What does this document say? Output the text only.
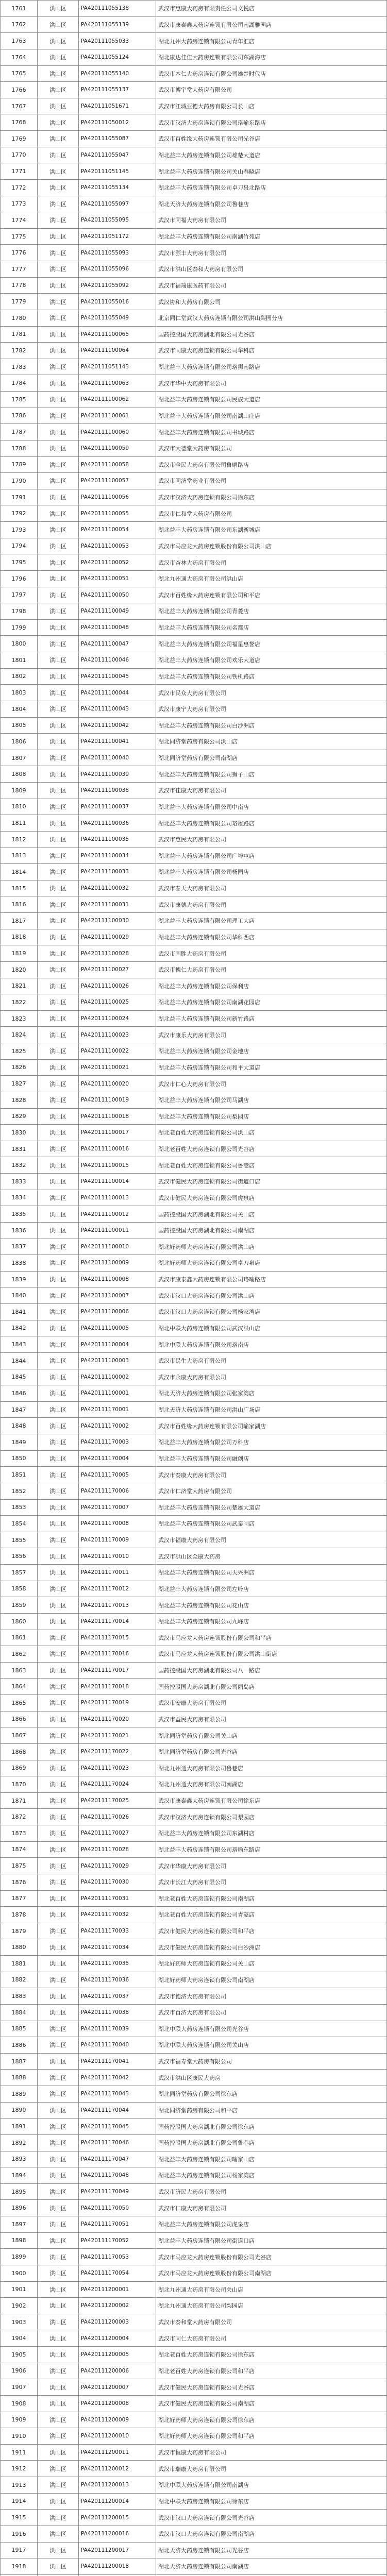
1761	洪山区	PA420111055138	武汉市惠康大药房有限责任公司文悦店
1762	洪山区	PA420111055139	武汉市康泰鑫大药房连锁有限公司南湖雅园店
1763	洪山区	PA420111055033	湖北九州大药房连锁有限公司青年汇店
1764	洪山区	PA420111055124	湖北康达佳佳大药房连锁有限公司东湖海店
1765	洪山区	PA420111055140	武汉市本仁大药房连锁有限公司雄楚时代店
1766	洪山区	PA420111055137	武汉市博宇堂大药房有限公司
1767	洪山区	PA420111051671	武汉市江城亚德大药房有限公司长山店
1768	洪山区	PA420111050012	武汉市汉济大药房连锁有限公司珞喻东路店
1769	洪山区	PA420111055087	武汉市百姓缘大药房连锁有限公司光谷店
1770	洪山区	PA420111055047	湖北益丰大药房连锁有限公司雄楚大道店
1771	洪山区	PA420111051145	湖北益丰大药房连锁有限公司关山春晓店
1772	洪山区	PA420111055134	湖北益丰大药房连锁有限公司卓刀泉北路店
1773	洪山区	PA420111055097	湖北天济大药房连锁有限公司鲁巷店
1774	洪山区	PA420111055095	武汉市同福大药房有限公司
1775	洪山区	PA420111051172	湖北益丰大药房连锁有限公司南湖竹苑店
1776	洪山区	PA420111055093	武汉市源丰大药房有限公司
1777	洪山区	PA420111055096	武汉市洪山区泰和大药房有限公司
1778	洪山区	PA420111055092	武汉市福瑞康医药有限公司
1779	洪山区	PA420111055016	武汉协和大药房有限公司
1780	洪山区	PA420111055049	北京同仁堂武汉大药房连锁有限公司洪山梨园分店
1781	洪山区	PA420111100065	国药控股国大药房湖北有限公司光谷店
1782	洪山区	PA420111100064	武汉市同康大药房连锁有限公司华科店
1783	洪山区	PA420111051143	湖北益丰大药房连锁有限公司珞狮南路店
1784	洪山区	PA420111100063	武汉市华中大药房有限公司
1785	洪山区	PA420111100062	湖北益丰大药房连锁有限公司民族大道店
1786	洪山区	PA420111100061	湖北益丰大药房连锁有限公司南湖山庄店
1787	洪山区	PA420111100060	湖北益丰大药房连锁有限公司书城路店
1788	洪山区	PA420111100059	武汉市大德堂大药房有限公司
1789	洪山区	PA420111100058	武汉市全民大药房有限公司鲁磨路店
1790	洪山区	PA420111100057	武汉市同济堂药业有限公司
1791	洪山区	PA420111100056	武汉市汉济大药房连锁有限公司徐东店
1792	洪山区	PA420111100055	武汉市仁和堂大药房有限公司
1793	洪山区	PA420111100054	湖北益丰大药房连锁有限公司东湖新城店
1794	洪山区	PA420111100053	武汉市马应龙大药房连锁股份有限公司洪山店
1795	洪山区	PA420111100052	武汉市杏林大药房有限公司
1796	洪山区	PA420111100051	湖北九州通大药房有限公司洪山店
1797	洪山区	PA420111100050	武汉市百姓缘大药房连锁有限公司和平店
1798	洪山区	PA420111100049	湖北益丰大药房连锁有限公司青菱店
1799	洪山区	PA420111100048	湖北益丰大药房连锁有限公司名都店
1800	洪山区	PA420111100047	湖北益丰大药房连锁有限公司福星惠誉店
1801	洪山区	PA420111100046	湖北益丰大药房连锁有限公司欢乐大道店
1802	洪山区	PA420111100045	湖北益丰大药房连锁有限公司铁机路店
1803	洪山区	PA420111100044	武汉市民众大药房有限公司
1804	洪山区	PA420111100043	武汉市康宁大药房有限公司
1805	洪山区	PA420111100042	湖北益丰大药房连锁有限公司白沙洲店
1806	洪山区	PA420111100041	湖北同济堂药房有限公司洪山店
1807	洪山区	PA420111100040	湖北同济堂药房有限公司南湖店
1808	洪山区	PA420111100039	湖北益丰大药房连锁有限公司狮子山店
1809	洪山区	PA420111100038	武汉市佳康大药房有限公司
1810	洪山区	PA420111100037	湖北益丰大药房连锁有限公司中南店
1811	洪山区	PA420111100036	湖北益丰大药房连锁有限公司珞雄路店
1812	洪山区	PA420111100035	武汉市惠民大药房有限公司
1813	洪山区	PA420111100034	湖北益丰大药房连锁有限公司广埠屯店
1814	洪山区	PA420111100033	湖北益丰大药房连锁有限公司杨园店
1815	洪山区	PA420111100032	武汉市春天大药房有限公司
1816	洪山区	PA420111100031	武汉市康德大药房有限公司
1817	洪山区	PA420111100030	湖北益丰大药房连锁有限公司理工大店
1818	洪山区	PA420111100029	湖北益丰大药房连锁有限公司华科西店
1819	洪山区	PA420111100028	武汉市国胜大药房有限公司
1820	洪山区	PA420111100027	武汉市德仁大药房有限公司
1821	洪山区	PA420111100026	湖北益丰大药房连锁有限公司保利店
1822	洪山区	PA420111100025	湖北益丰大药房连锁有限公司南湖花园店
1823	洪山区	PA420111100024	湖北益丰大药房连锁有限公司新竹路店
1824	洪山区	PA420111100023	武汉市康乐大药房有限公司
1825	洪山区	PA420111100022	湖北益丰大药房连锁有限公司金地店
1826	洪山区	PA420111100021	湖北益丰大药房连锁有限公司和平大道店
1827	洪山区	PA420111100020	武汉市仁心大药房有限公司
1828	洪山区	PA420111100019	湖北益丰大药房连锁有限公司马湖店
1829	洪山区	PA420111100018	湖北益丰大药房连锁有限公司梨园店
1830	洪山区	PA420111100017	湖北老百姓大药房连锁有限公司洪山店
1831	洪山区	PA420111100016	湖北老百姓大药房连锁有限公司光谷店
1832	洪山区	PA420111100015	湖北老百姓大药房连锁有限公司鲁巷店
1833	洪山区	PA420111100014	武汉市健民大药房连锁有限公司街道口店
1834	洪山区	PA420111100013	武汉市健民大药房连锁有限公司虎泉店
1835	洪山区	PA420111100012	国药控股国大药房湖北有限公司关山店
1836	洪山区	PA420111100011	国药控股国大药房湖北有限公司南湖店
1837	洪山区	PA420111100010	湖北好药师大药房连锁有限公司洪山店
1838	洪山区	PA420111100009	湖北好药师大药房连锁有限公司卓刀泉店
1839	洪山区	PA420111100008	武汉市康泰鑫大药房连锁有限公司珞喻路店
1840	洪山区	PA420111100007	武汉市汉口大药房连锁有限公司洪山店
1841	洪山区	PA420111100006	武汉市汉口大药房连锁有限公司杨家湾店
1842	洪山区	PA420111100005	湖北中联大药房连锁有限公司武汉洪山店
1843	洪山区	PA420111100004	湖北中联大药房连锁有限公司珞南店
1844	洪山区	PA420111100003	武汉市民生大药房有限公司
1845	洪山区	PA420111100002	武汉市永康大药房有限公司
1846	洪山区	PA420111100001	湖北天济大药房连锁有限公司张家湾店
1847	洪山区	PA420111170001	湖北天济大药房连锁有限公司洪山广场店
1848	洪山区	PA420111170002	武汉市百姓缘大药房连锁有限公司喻家湖店
1849	洪山区	PA420111170003	湖北益丰大药房连锁有限公司万科店
1850	洪山区	PA420111170004	湖北益丰大药房连锁有限公司融创店
1851	洪山区	PA420111170005	武汉市泰康大药房有限公司
1852	洪山区	PA420111170006	武汉市仁济堂大药房有限公司
1853	洪山区	PA420111170007	湖北益丰大药房连锁有限公司楚雄大道店
1854	洪山区	PA420111170008	湖北益丰大药房连锁有限公司武泰闸店
1855	洪山区	PA420111170009	武汉市福康大药房有限公司
1856	洪山区	PA420111170010	武汉市洪山区众康大药房
1857	洪山区	PA420111170011	湖北益丰大药房连锁有限公司天兴洲店
1858	洪山区	PA420111170012	湖北益丰大药房连锁有限公司左岭店
1859	洪山区	PA420111170013	湖北益丰大药房连锁有限公司花山店
1860	洪山区	PA420111170014	湖北益丰大药房连锁有限公司九峰店
1861	洪山区	PA420111170015	武汉市马应龙大药房连锁股份有限公司和平店
1862	洪山区	PA420111170016	武汉市马应龙大药房连锁股份有限公司洪山街店
1863	洪山区	PA420111170017	国药控股国大药房湖北有限公司八一路店
1864	洪山区	PA420111170018	国药控股国大药房湖北有限公司丽岛店
1865	洪山区	PA420111170019	武汉市安康大药房有限公司
1866	洪山区	PA420111170020	武汉市益民大药房有限公司
1867	洪山区	PA420111170021	湖北同济堂药房有限公司关山店
1868	洪山区	PA420111170022	湖北同济堂药房有限公司光谷店
1869	洪山区	PA420111170023	湖北九州通大药房有限公司鲁巷店
1870	洪山区	PA420111170024	湖北九州通大药房有限公司南湖店
1871	洪山区	PA420111170025	武汉市康泰鑫大药房连锁有限公司徐东店
1872	洪山区	PA420111170026	武汉市汉济大药房连锁有限公司梨园店
1873	洪山区	PA420111170027	湖北益丰大药房连锁有限公司东湖村店
1874	洪山区	PA420111170028	湖北益丰大药房连锁有限公司珞喻东路店
1875	洪山区	PA420111170029	武汉市华康大药房有限公司
1876	洪山区	PA420111170030	武汉市长江大药房有限公司
1877	洪山区	PA420111170031	湖北老百姓大药房连锁有限公司南湖店
1878	洪山区	PA420111170032	湖北老百姓大药房连锁有限公司青菱店
1879	洪山区	PA420111170033	武汉市健民大药房连锁有限公司和平店
1880	洪山区	PA420111170034	武汉市健民大药房连锁有限公司白沙洲店
1881	洪山区	PA420111170035	湖北好药师大药房连锁有限公司关山店
1882	洪山区	PA420111170036	湖北好药师大药房连锁有限公司南湖店
1883	洪山区	PA420111170037	武汉市德济大药房有限公司
1884	洪山区	PA420111170038	武汉市百济大药房有限公司
1885	洪山区	PA420111170039	湖北中联大药房连锁有限公司光谷店
1886	洪山区	PA420111170040	湖北中联大药房连锁有限公司关山店
1887	洪山区	PA420111170041	武汉市福寿堂大药房有限公司
1888	洪山区	PA420111170042	武汉市洪山区康民大药房
1889	洪山区	PA420111170043	湖北同济堂药房有限公司徐东店
1890	洪山区	PA420111170044	湖北同济堂药房有限公司和平店
1891	洪山区	PA420111170045	国药控股国大药房湖北有限公司徐东店
1892	洪山区	PA420111170046	国药控股国大药房湖北有限公司鲁巷店
1893	洪山区	PA420111170047	湖北益丰大药房连锁有限公司喻家山店
1894	洪山区	PA420111170048	湖北益丰大药房连锁有限公司杨家湾店
1895	洪山区	PA420111170049	武汉市济民大药房有限公司
1896	洪山区	PA420111170050	武汉市仁康大药房有限公司
1897	洪山区	PA420111170051	湖北益丰大药房连锁有限公司虎泉店
1898	洪山区	PA420111170052	湖北益丰大药房连锁有限公司街道口店
1899	洪山区	PA420111170053	武汉市马应龙大药房连锁股份有限公司光谷店
1900	洪山区	PA420111170054	武汉市马应龙大药房连锁股份有限公司南湖店
1901	洪山区	PA420111200001	湖北九州通大药房有限公司关山店
1902	洪山区	PA420111200002	湖北九州通大药房有限公司梨园店
1903	洪山区	PA420111200003	武汉市泰和堂大药房有限公司
1904	洪山区	PA420111200004	武汉市同仁大药房有限公司
1905	洪山区	PA420111200005	湖北老百姓大药房连锁有限公司徐东店
1906	洪山区	PA420111200006	湖北老百姓大药房连锁有限公司和平店
1907	洪山区	PA420111200007	武汉市健民大药房连锁有限公司光谷店
1908	洪山区	PA420111200008	武汉市健民大药房连锁有限公司南湖店
1909	洪山区	PA420111200009	湖北好药师大药房连锁有限公司徐东店
1910	洪山区	PA420111200010	湖北好药师大药房连锁有限公司和平店
1911	洪山区	PA420111200011	武汉市恒康大药房有限公司
1912	洪山区	PA420111200012	武汉市瑞康大药房有限公司
1913	洪山区	PA420111200013	湖北中联大药房连锁有限公司南湖店
1914	洪山区	PA420111200014	湖北中联大药房连锁有限公司徐东店
1915	洪山区	PA420111200015	武汉市汉口大药房连锁有限公司光谷店
1916	洪山区	PA420111200016	武汉市汉口大药房连锁有限公司南湖店
1917	洪山区	PA420111200017	湖北天济大药房连锁有限公司光谷店
1918	洪山区	PA420111200018	湖北天济大药房连锁有限公司南湖店
